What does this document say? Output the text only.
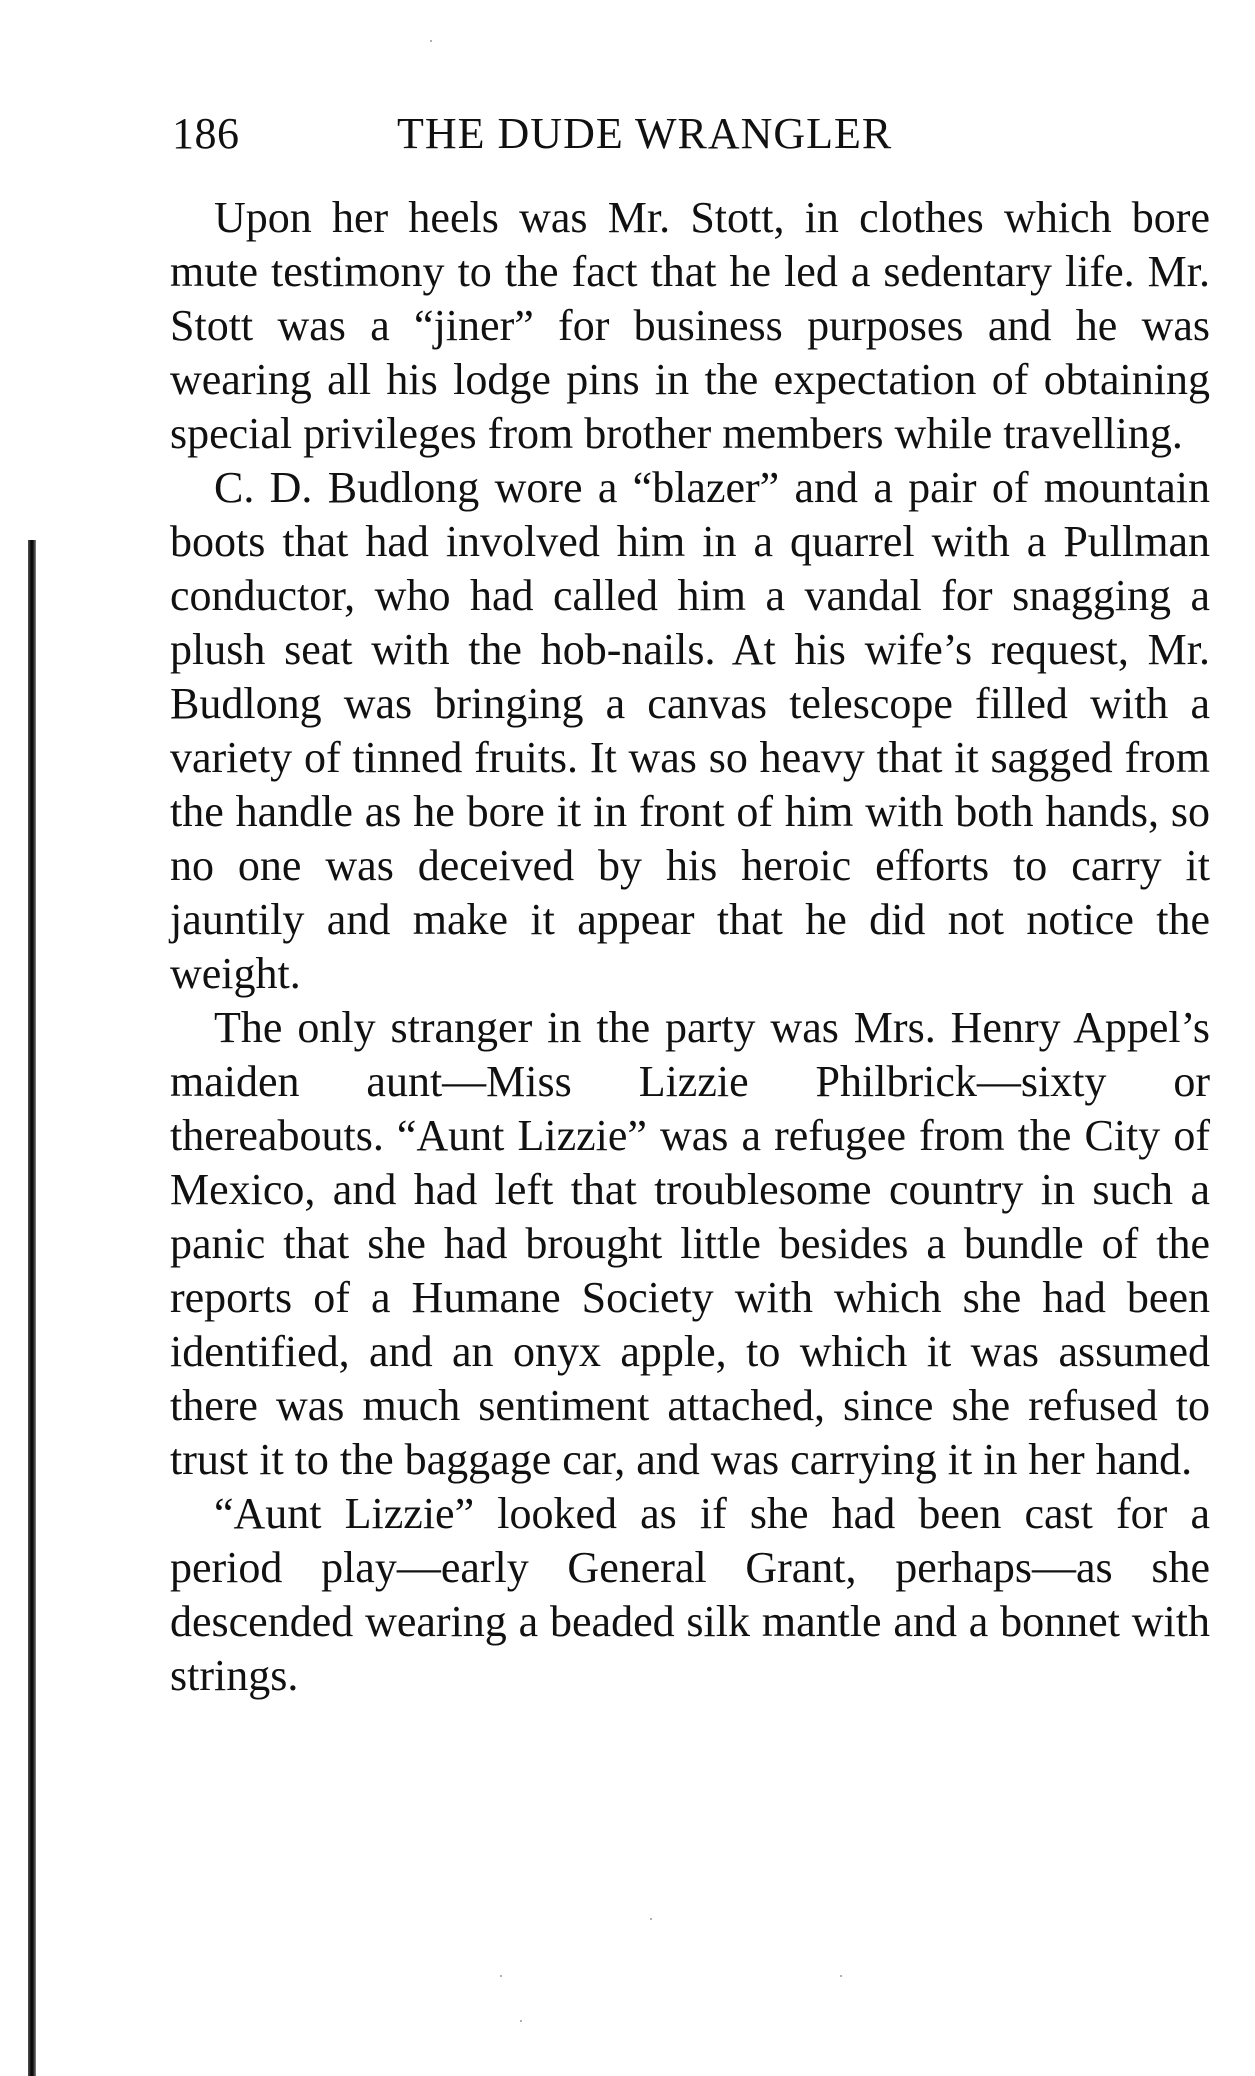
186	THE DUDE WRANGLER

Upon her heels was Mr. Stott, in clothes which bore mute testimony to the fact that he led a sedentary life. Mr. Stott was a “jiner” for business purposes and he was wearing all his lodge pins in the expectation of obtaining special privileges from brother members while travelling.

C. D. Budlong wore a “blazer” and a pair of mountain boots that had involved him in a quarrel with a Pullman conductor, who had called him a vandal for snagging a plush seat with the hob-nails. At his wife’s request, Mr. Budlong was bringing a canvas telescope filled with a variety of tinned fruits. It was so heavy that it sagged from the handle as he bore it in front of him with both hands, so no one was deceived by his heroic efforts to carry it jauntily and make it appear that he did not notice the weight.

The only stranger in the party was Mrs. Henry Appel’s maiden aunt—Miss Lizzie Philbrick—sixty or thereabouts. “Aunt Lizzie” was a refugee from the City of Mexico, and had left that troublesome country in such a panic that she had brought little besides a bundle of the reports of a Humane Society with which she had been identified, and an onyx apple, to which it was assumed there was much sentiment attached, since she refused to trust it to the baggage car, and was carrying it in her hand.

“Aunt Lizzie” looked as if she had been cast for a period play—early General Grant, perhaps—as she descended wearing a beaded silk mantle and a bonnet with strings.
